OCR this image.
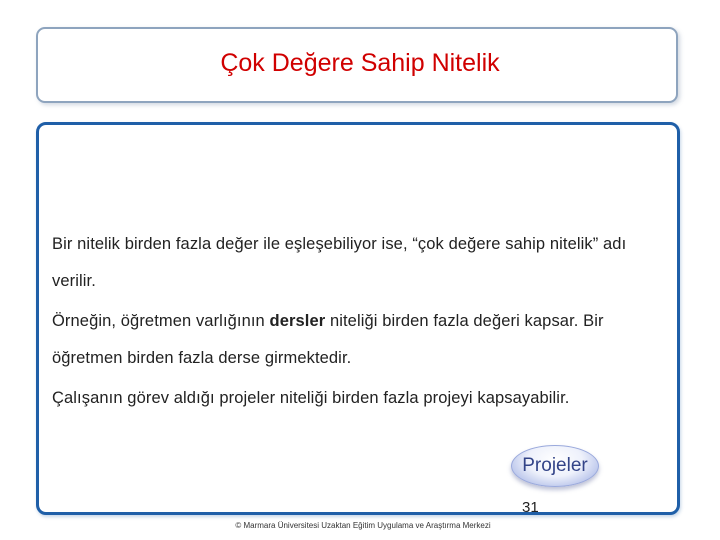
Çok Değere Sahip Nitelik
Bir nitelik birden fazla değer ile eşleşebiliyor ise, “çok değere sahip nitelik” adı verilir.
Örneğin, öğretmen varlığının dersler niteliği birden fazla değeri kapsar. Bir öğretmen birden fazla derse girmektedir.
Çalışanın görev aldığı projeler niteliği birden fazla projeyi kapsayabilir.
Projeler
31
© Marmara Üniversitesi Uzaktan Eğitim Uygulama ve Araştırma Merkezi
